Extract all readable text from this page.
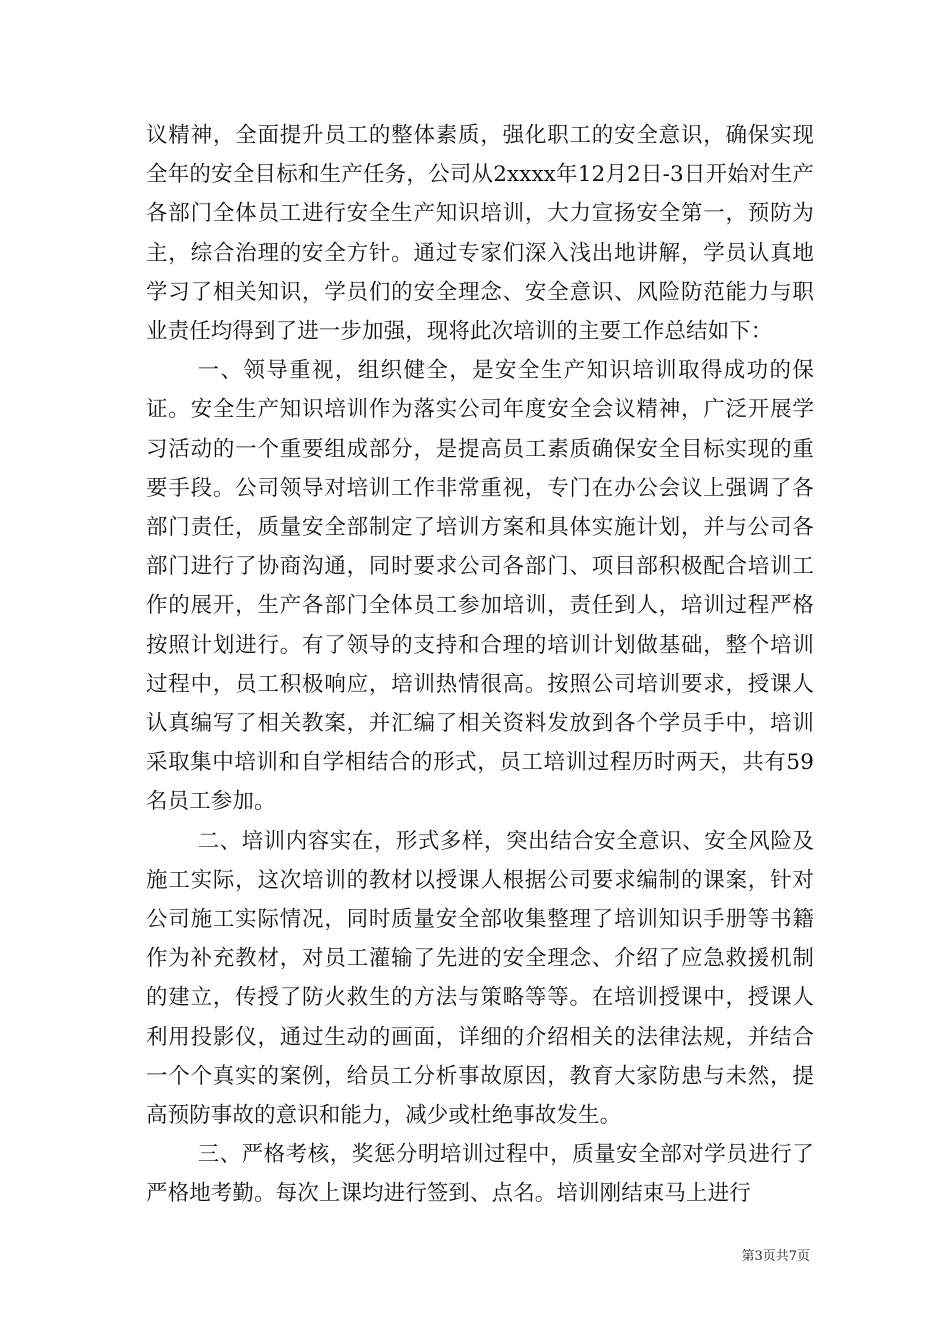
议精神，全面提升员工的整体素质，强化职工的安全意识，确保实现全年的安全目标和生产任务，公司从2xxxx年12月2日-3日开始对生产各部门全体员工进行安全生产知识培训，大力宣扬安全第一，预防为主，综合治理的安全方针。通过专家们深入浅出地讲解，学员认真地学习了相关知识，学员们的安全理念、安全意识、风险防范能力与职业责任均得到了进一步加强，现将此次培训的主要工作总结如下：

一、领导重视，组织健全，是安全生产知识培训取得成功的保证。安全生产知识培训作为落实公司年度安全会议精神，广泛开展学习活动的一个重要组成部分，是提高员工素质确保安全目标实现的重要手段。公司领导对培训工作非常重视，专门在办公会议上强调了各部门责任，质量安全部制定了培训方案和具体实施计划，并与公司各部门进行了协商沟通，同时要求公司各部门、项目部积极配合培训工作的展开，生产各部门全体员工参加培训，责任到人，培训过程严格按照计划进行。有了领导的支持和合理的培训计划做基础，整个培训过程中，员工积极响应，培训热情很高。按照公司培训要求，授课人认真编写了相关教案，并汇编了相关资料发放到各个学员手中，培训采取集中培训和自学相结合的形式，员工培训过程历时两天，共有59名员工参加。

二、培训内容实在，形式多样，突出结合安全意识、安全风险及施工实际，这次培训的教材以授课人根据公司要求编制的课案，针对公司施工实际情况，同时质量安全部收集整理了培训知识手册等书籍作为补充教材，对员工灌输了先进的安全理念、介绍了应急救援机制的建立，传授了防火救生的方法与策略等等。在培训授课中，授课人利用投影仪，通过生动的画面，详细的介绍相关的法律法规，并结合一个个真实的案例，给员工分析事故原因，教育大家防患与未然，提高预防事故的意识和能力，减少或杜绝事故发生。

三、严格考核，奖惩分明培训过程中，质量安全部对学员进行了严格地考勤。每次上课均进行签到、点名。培训刚结束马上进行

第3页共7页
